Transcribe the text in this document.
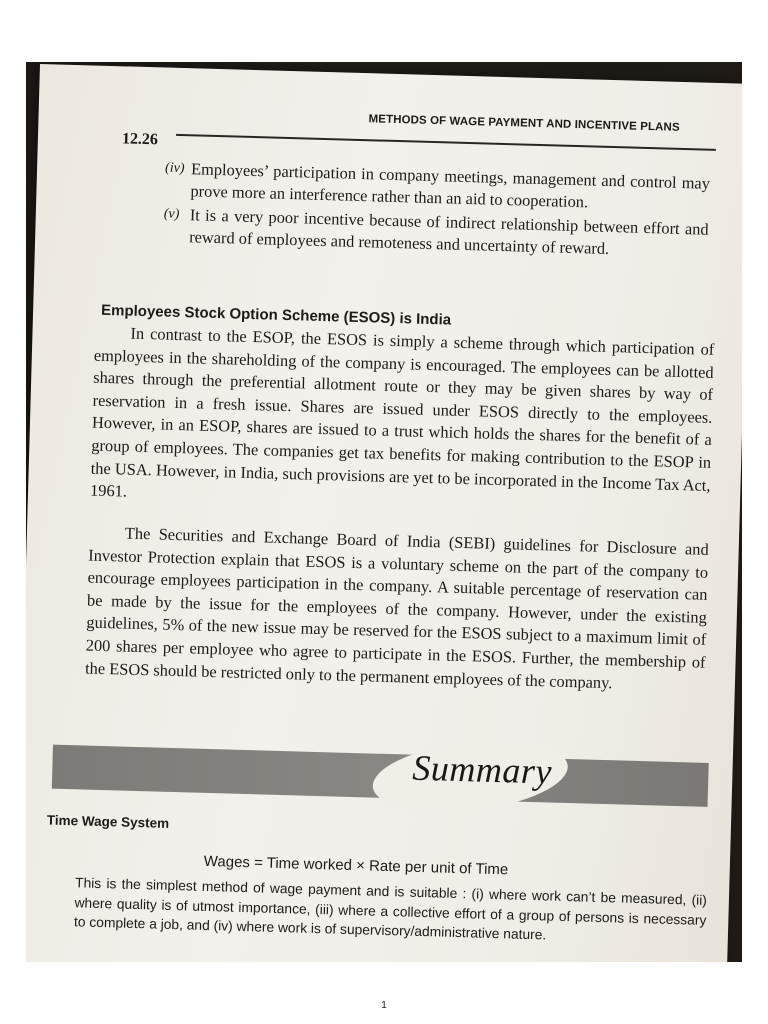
METHODS OF WAGE PAYMENT AND INCENTIVE PLANS
12.26
(iv) Employees’ participation in company meetings, management and control may prove more an interference rather than an aid to cooperation.
(v) It is a very poor incentive because of indirect relationship between effort and reward of employees and remoteness and uncertainty of reward.
Employees Stock Option Scheme (ESOS) is India
In contrast to the ESOP, the ESOS is simply a scheme through which participation of employees in the shareholding of the company is encouraged. The employees can be allotted shares through the preferential allotment route or they may be given shares by way of reservation in a fresh issue. Shares are issued under ESOS directly to the employees. However, in an ESOP, shares are issued to a trust which holds the shares for the benefit of a group of employees. The companies get tax benefits for making contribution to the ESOP in the USA. However, in India, such provisions are yet to be incorporated in the Income Tax Act, 1961.
The Securities and Exchange Board of India (SEBI) guidelines for Disclosure and Investor Protection explain that ESOS is a voluntary scheme on the part of the company to encourage employees participation in the company. A suitable percentage of reservation can be made by the issue for the employees of the company. However, under the existing guidelines, 5% of the new issue may be reserved for the ESOS subject to a maximum limit of 200 shares per employee who agree to participate in the ESOS. Further, the membership of the ESOS should be restricted only to the permanent employees of the company.
Summary
Time Wage System
Wages = Time worked × Rate per unit of Time
This is the simplest method of wage payment and is suitable : (i) where work can’t be measured, (ii) where quality is of utmost importance, (iii) where a collective effort of a group of persons is necessary to complete a job, and (iv) where work is of supervisory/administrative nature.
1
